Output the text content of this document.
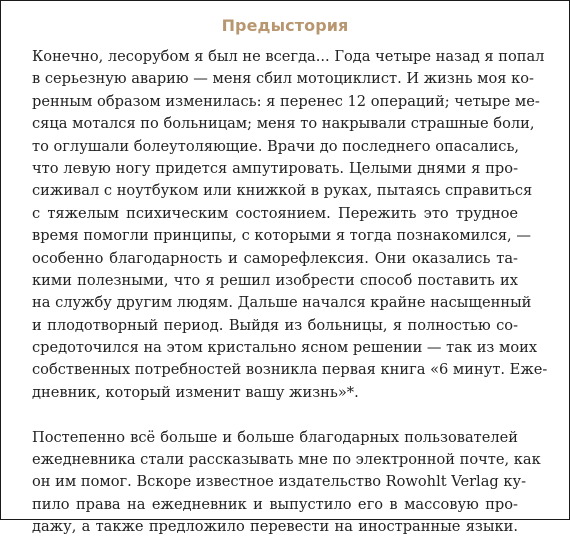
Предыстория
Конечно, лесорубом я был не всегда... Года четыре назад я попал
в серьезную аварию — меня сбил мотоциклист. И жизнь моя ко-
ренным образом изменилась: я перенес 12 операций; четыре ме-
сяца мотался по больницам; меня то накрывали страшные боли,
то оглушали болеутоляющие. Врачи до последнего опасались,
что левую ногу придется ампутировать. Целыми днями я про-
сиживал с ноутбуком или книжкой в руках, пытаясь справиться
с тяжелым психическим состоянием. Пережить это трудное
время помогли принципы, с которыми я тогда познакомился, —
особенно благодарность и саморефлексия. Они оказались та-
кими полезными, что я решил изобрести способ поставить их
на службу другим людям. Дальше начался крайне насыщенный
и плодотворный период. Выйдя из больницы, я полностью со-
средоточился на этом кристально ясном решении — так из моих
собственных потребностей возникла первая книга «6 минут. Еже-
дневник, который изменит вашу жизнь»*.
Постепенно всё больше и больше благодарных пользователей
ежедневника стали рассказывать мне по электронной почте, как
он им помог. Вскоре известное издательство Rowohlt Verlag ку-
пило права на ежедневник и выпустило его в массовую про-
дажу, а также предложило перевести на иностранные языки.
